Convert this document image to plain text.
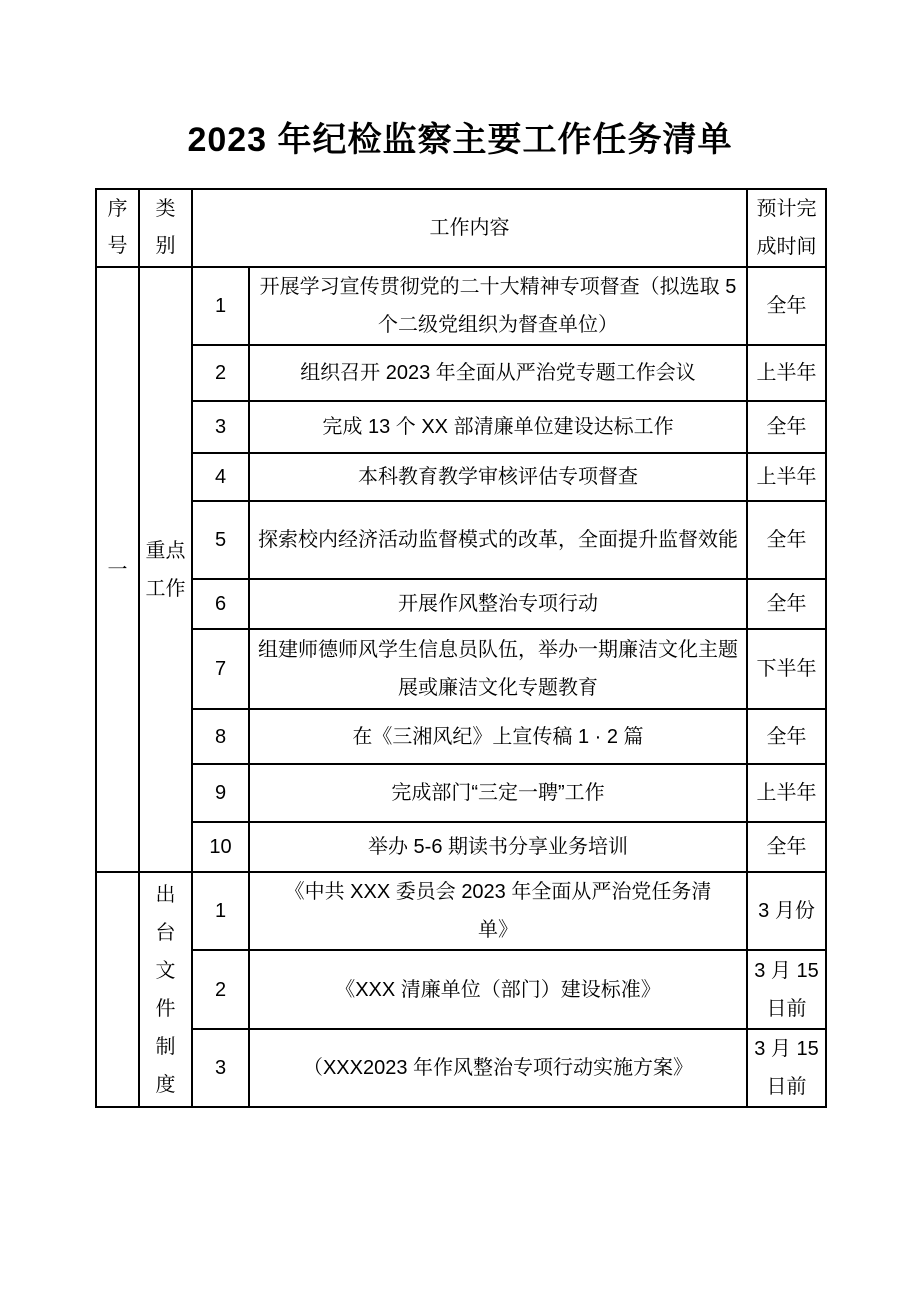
2023 年纪检监察主要工作任务清单
序号	类别	工作内容		预计完成时间
一	重点工作	1	开展学习宣传贯彻党的二十大精神专项督查（拟选取 5 个二级党组织为督查单位）	全年
		2	组织召开 2023 年全面从严治党专题工作会议	上半年
		3	完成 13 个 XX 部清廉单位建设达标工作	全年
		4	本科教育教学审核评估专项督查	上半年
		5	探索校内经济活动监督模式的改革，全面提升监督效能	全年
		6	开展作风整治专项行动	全年
		7	组建师德师风学生信息员队伍，举办一期廉洁文化主题展或廉洁文化专题教育	下半年
		8	在《三湘风纪》上宣传稿 1 · 2 篇	全年
		9	完成部门“三定一聘”工作	上半年
		10	举办 5-6 期读书分享业务培训	全年
	出台文件制度	1	《中共 XXX 委员会 2023 年全面从严治党任务清单》	3 月份
		2	《XXX 清廉单位（部门）建设标准》	3 月 15 日前
		3	（XXX2023 年作风整治专项行动实施方案》	3 月 15 日前
